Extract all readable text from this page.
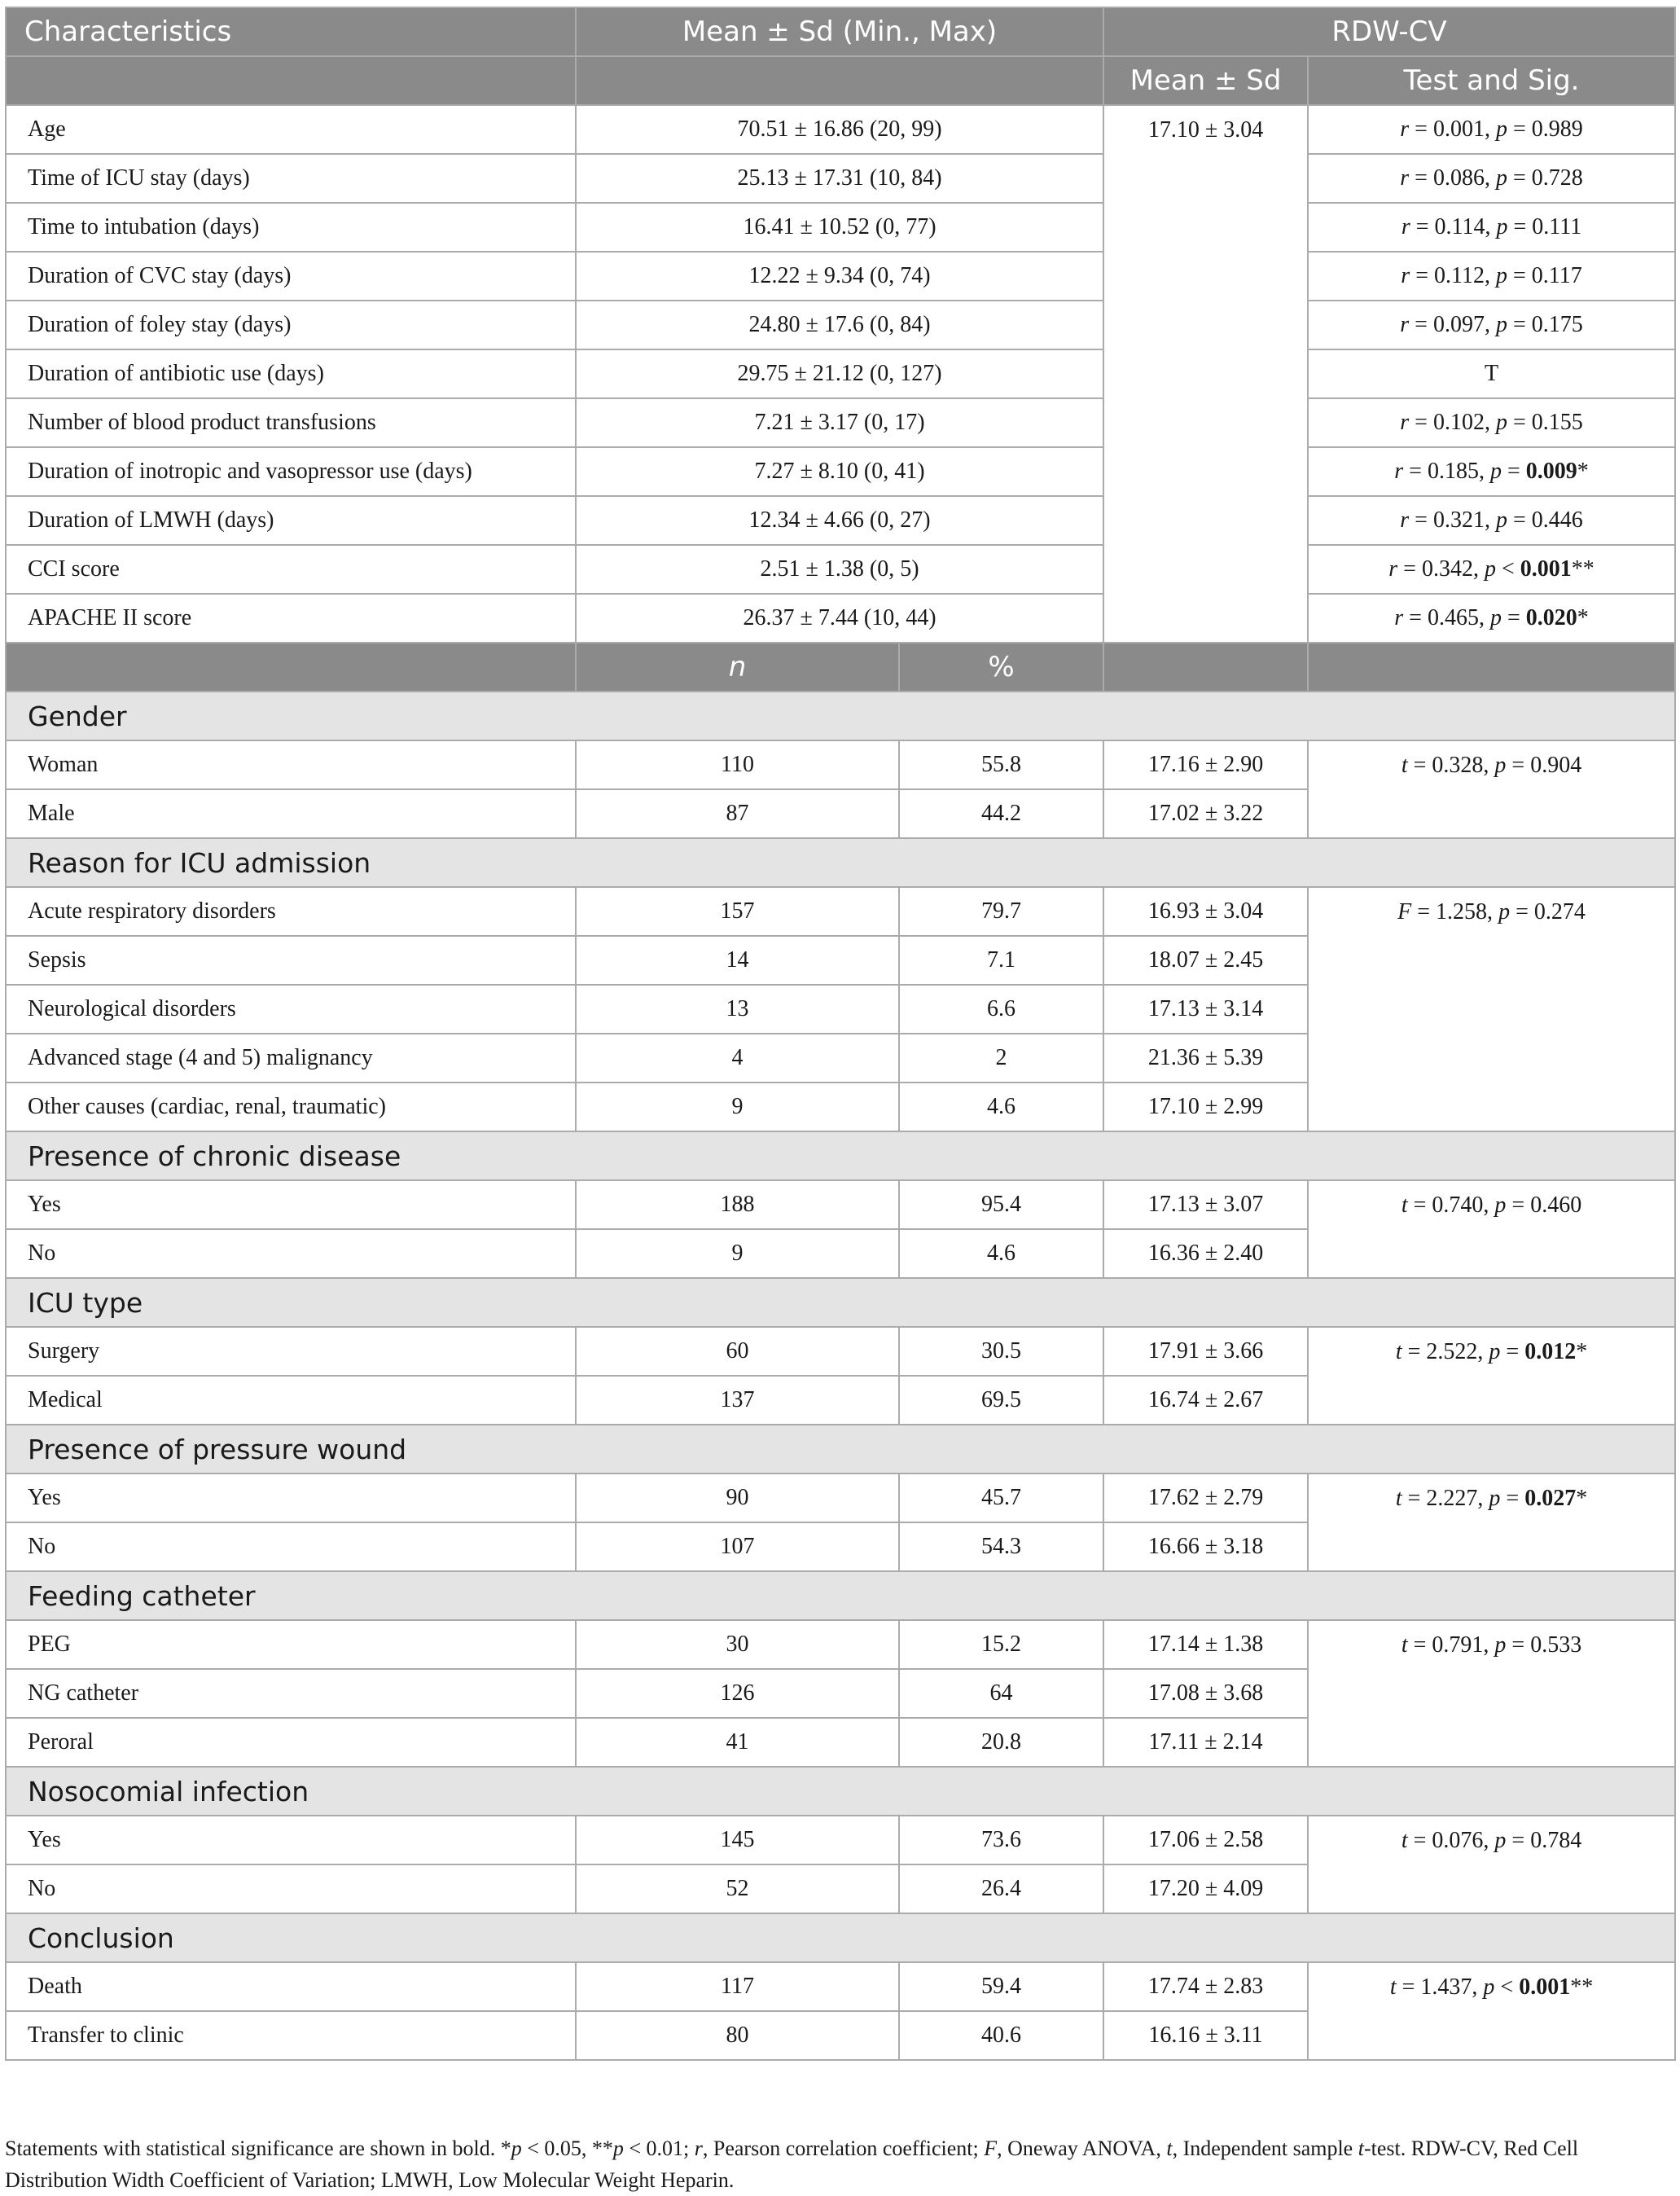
Characteristics	Mean ± Sd (Min., Max)		RDW-CV	
			Mean ± Sd	Test and Sig.
Age	70.51 ± 16.86 (20, 99)		17.10 ± 3.04	r = 0.001, p = 0.989
Time of ICU stay (days)	25.13 ± 17.31 (10, 84)			r = 0.086, p = 0.728
Time to intubation (days)	16.41 ± 10.52 (0, 77)			r = 0.114, p = 0.111
Duration of CVC stay (days)	12.22 ± 9.34 (0, 74)			r = 0.112, p = 0.117
Duration of foley stay (days)	24.80 ± 17.6 (0, 84)			r = 0.097, p = 0.175
Duration of antibiotic use (days)	29.75 ± 21.12 (0, 127)			T
Number of blood product transfusions	7.21 ± 3.17 (0, 17)			r = 0.102, p = 0.155
Duration of inotropic and vasopressor use (days)	7.27 ± 8.10 (0, 41)			r = 0.185, p = 0.009*
Duration of LMWH (days)	12.34 ± 4.66 (0, 27)			r = 0.321, p = 0.446
CCI score	2.51 ± 1.38 (0, 5)			r = 0.342, p < 0.001**
APACHE II score	26.37 ± 7.44 (10, 44)			r = 0.465, p = 0.020*
	n	%		
Gender				
Woman	110	55.8	17.16 ± 2.90	t = 0.328, p = 0.904
Male	87	44.2	17.02 ± 3.22	
Reason for ICU admission				
Acute respiratory disorders	157	79.7	16.93 ± 3.04	F = 1.258, p = 0.274
Sepsis	14	7.1	18.07 ± 2.45	
Neurological disorders	13	6.6	17.13 ± 3.14	
Advanced stage (4 and 5) malignancy	4	2	21.36 ± 5.39	
Other causes (cardiac, renal, traumatic)	9	4.6	17.10 ± 2.99	
Presence of chronic disease				
Yes	188	95.4	17.13 ± 3.07	t = 0.740, p = 0.460
No	9	4.6	16.36 ± 2.40	
ICU type				
Surgery	60	30.5	17.91 ± 3.66	t = 2.522, p = 0.012*
Medical	137	69.5	16.74 ± 2.67	
Presence of pressure wound				
Yes	90	45.7	17.62 ± 2.79	t = 2.227, p = 0.027*
No	107	54.3	16.66 ± 3.18	
Feeding catheter				
PEG	30	15.2	17.14 ± 1.38	t = 0.791, p = 0.533
NG catheter	126	64	17.08 ± 3.68	
Peroral	41	20.8	17.11 ± 2.14	
Nosocomial infection				
Yes	145	73.6	17.06 ± 2.58	t = 0.076, p = 0.784
No	52	26.4	17.20 ± 4.09	
Conclusion				
Death	117	59.4	17.74 ± 2.83	t = 1.437, p < 0.001**
Transfer to clinic	80	40.6	16.16 ± 3.11	
Statements with statistical significance are shown in bold. *p < 0.05, **p < 0.01; r, Pearson correlation coefficient; F, Oneway ANOVA, t, Independent sample t-test. RDW-CV, Red Cell
Distribution Width Coefficient of Variation; LMWH, Low Molecular Weight Heparin.
